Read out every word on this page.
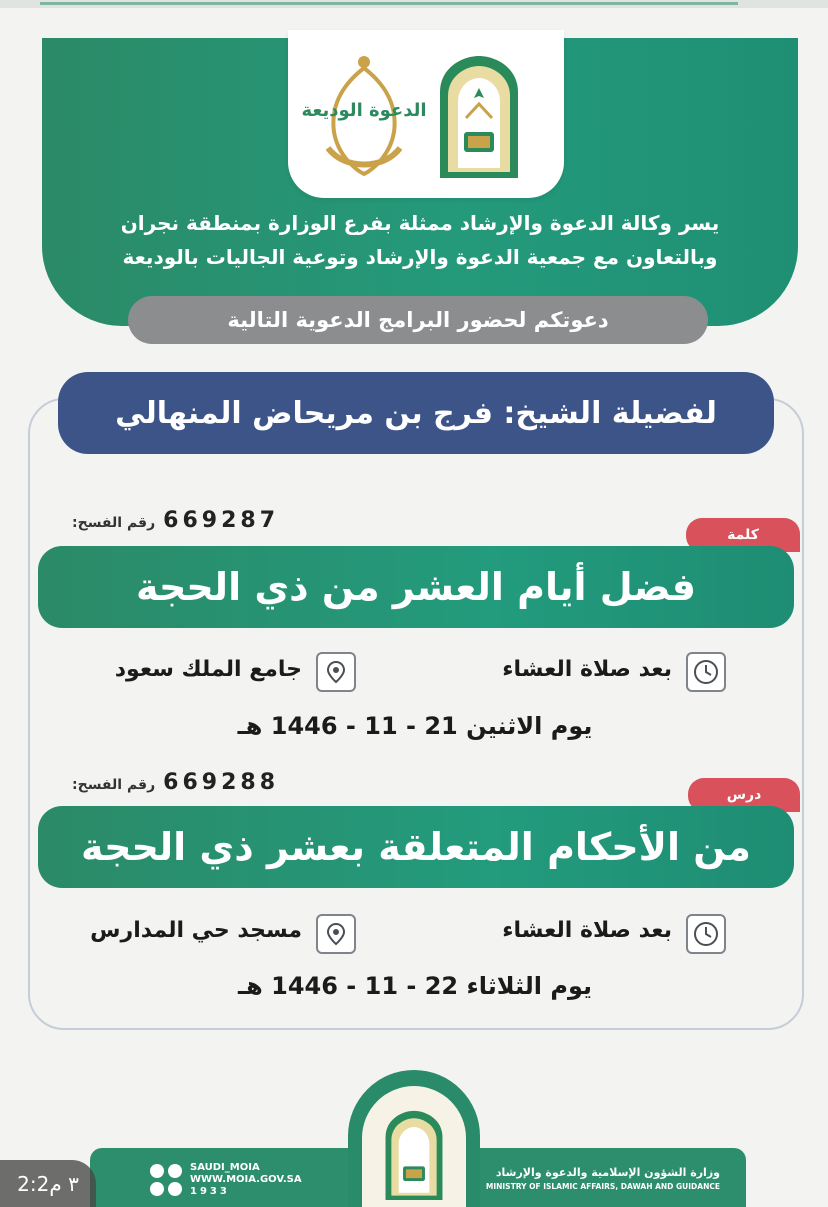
الدعوة الوديعة
يسر وكالة الدعوة والإرشاد ممثلة بفرع الوزارة بمنطقة نجران
وبالتعاون مع جمعية الدعوة والإرشاد وتوعية الجاليات بالوديعة
دعوتكم لحضور البرامج الدعوية التالية
لفضيلة الشيخ: فرج بن مريحاض المنهالي
669287
رقم الفسح:
كلمة
فضل أيام العشر من ذي الحجة
بعد صلاة العشاء
جامع الملك سعود
يوم الاثنين 21 - 11 - 1446 هـ
669288
رقم الفسح:
درس
من الأحكام المتعلقة بعشر ذي الحجة
بعد صلاة العشاء
مسجد حي المدارس
يوم الثلاثاء 22 - 11 - 1446 هـ
SAUDI_MOIA
WWW.MOIA.GOV.SA
1933
وزارة الشؤون الإسلامية والدعوة والإرشاد
MINISTRY OF ISLAMIC AFFAIRS, DAWAH AND GUIDANCE
2:2٣ م
